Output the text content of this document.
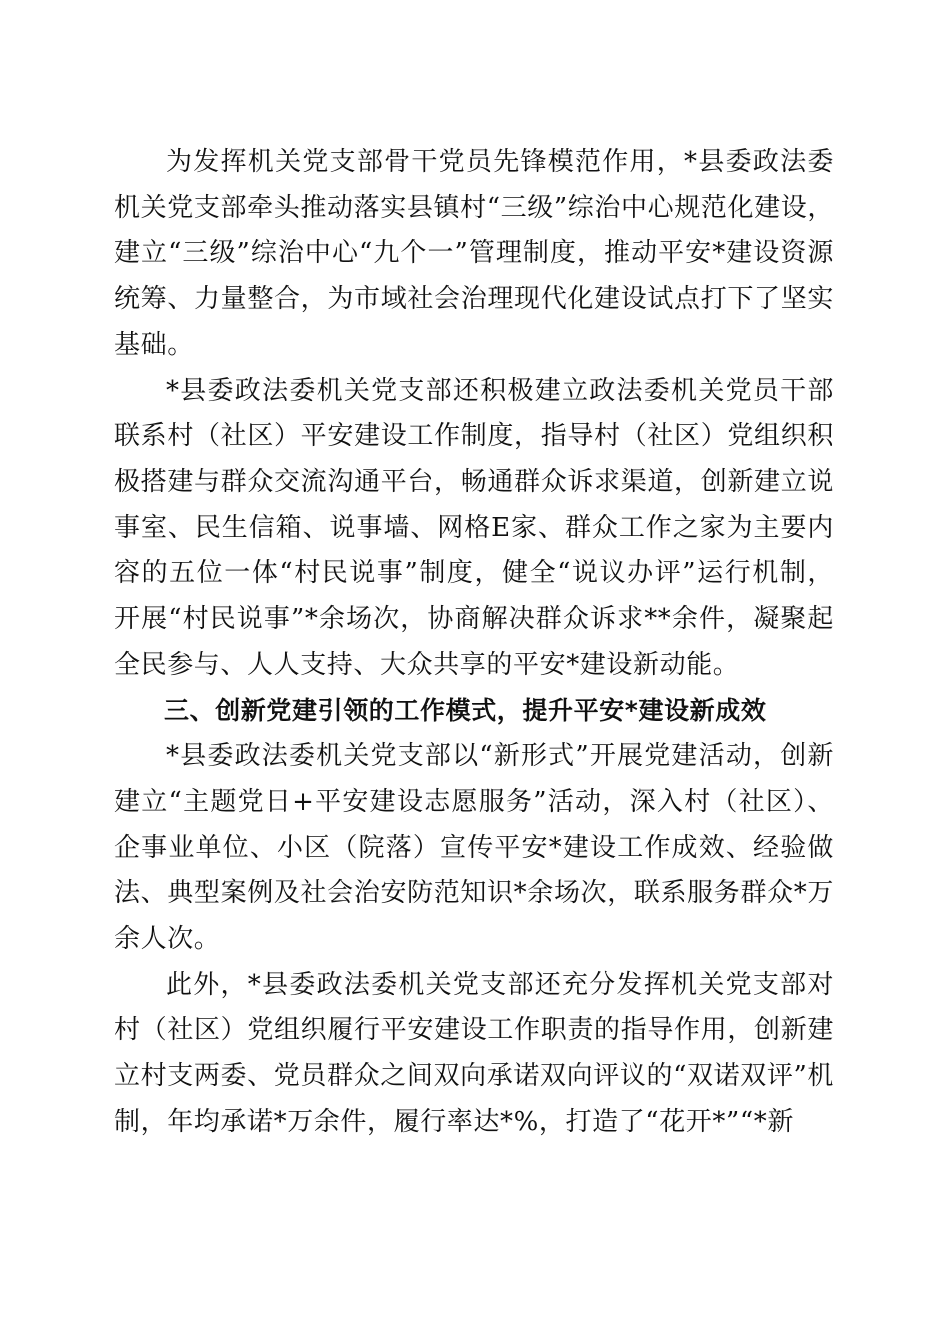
为发挥机关党支部骨干党员先锋模范作用，*县委政法委机关党支部牵头推动落实县镇村“三级”综治中心规范化建设，建立“三级”综治中心“九个一”管理制度，推动平安*建设资源统筹、力量整合，为市域社会治理现代化建设试点打下了坚实基础。

*县委政法委机关党支部还积极建立政法委机关党员干部联系村（社区）平安建设工作制度，指导村（社区）党组织积极搭建与群众交流沟通平台，畅通群众诉求渠道，创新建立说事室、民生信箱、说事墙、网格E家、群众工作之家为主要内容的五位一体“村民说事”制度，健全“说议办评”运行机制，开展“村民说事”*余场次，协商解决群众诉求**余件，凝聚起全民参与、人人支持、大众共享的平安*建设新动能。

三、创新党建引领的工作模式，提升平安*建设新成效

*县委政法委机关党支部以“新形式”开展党建活动，创新建立“主题党日+平安建设志愿服务”活动，深入村（社区）、企事业单位、小区（院落）宣传平安*建设工作成效、经验做法、典型案例及社会治安防范知识*余场次，联系服务群众*万余人次。

此外，*县委政法委机关党支部还充分发挥机关党支部对村（社区）党组织履行平安建设工作职责的指导作用，创新建立村支两委、党员群众之间双向承诺双向评议的“双诺双评”机制，年均承诺*万余件，履行率达*%，打造了“花开*”“*新
